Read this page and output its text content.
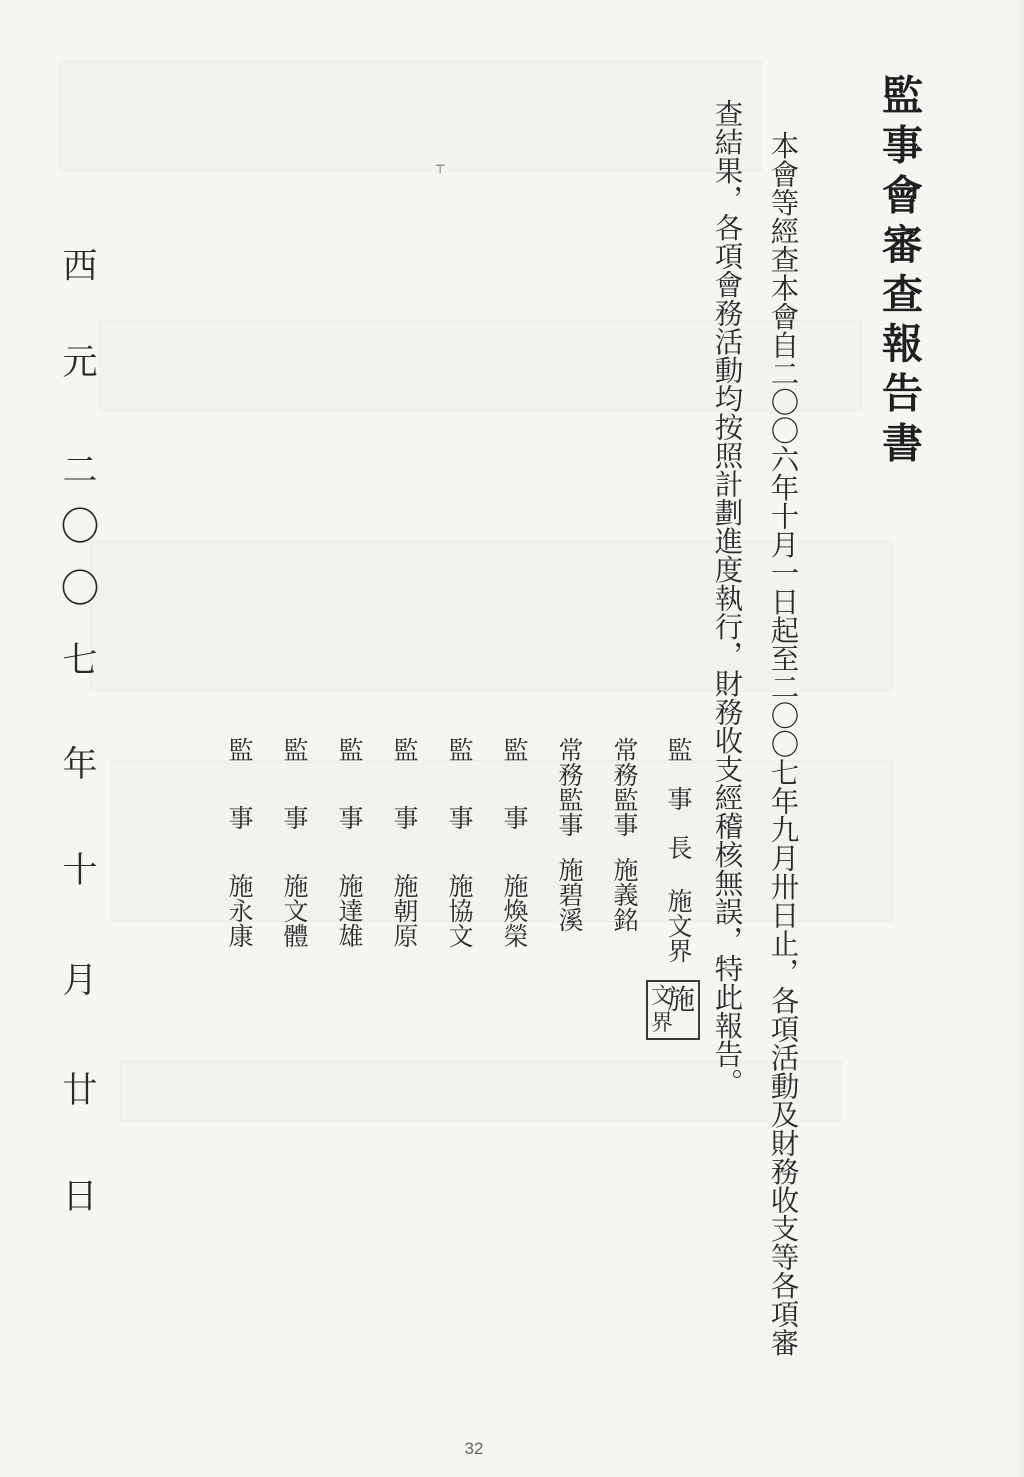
┬	監事會審查報告書
本會等經查本會自二〇〇六年十月一日起至二〇〇七年九月卅日止，各項活動及財務收支等各項審
查結果，各項會務活動均按照計劃進度執行，財務收支經稽核無誤，特此報告。
監事長施文界
常務監事施義銘
常務監事施碧溪
監事施煥榮
監事施協文
監事施朝原
監事施達雄
監事施文體
監事施永康
施
文
界
西
元
二
〇
〇
七
年
十
月
廿
日
32
